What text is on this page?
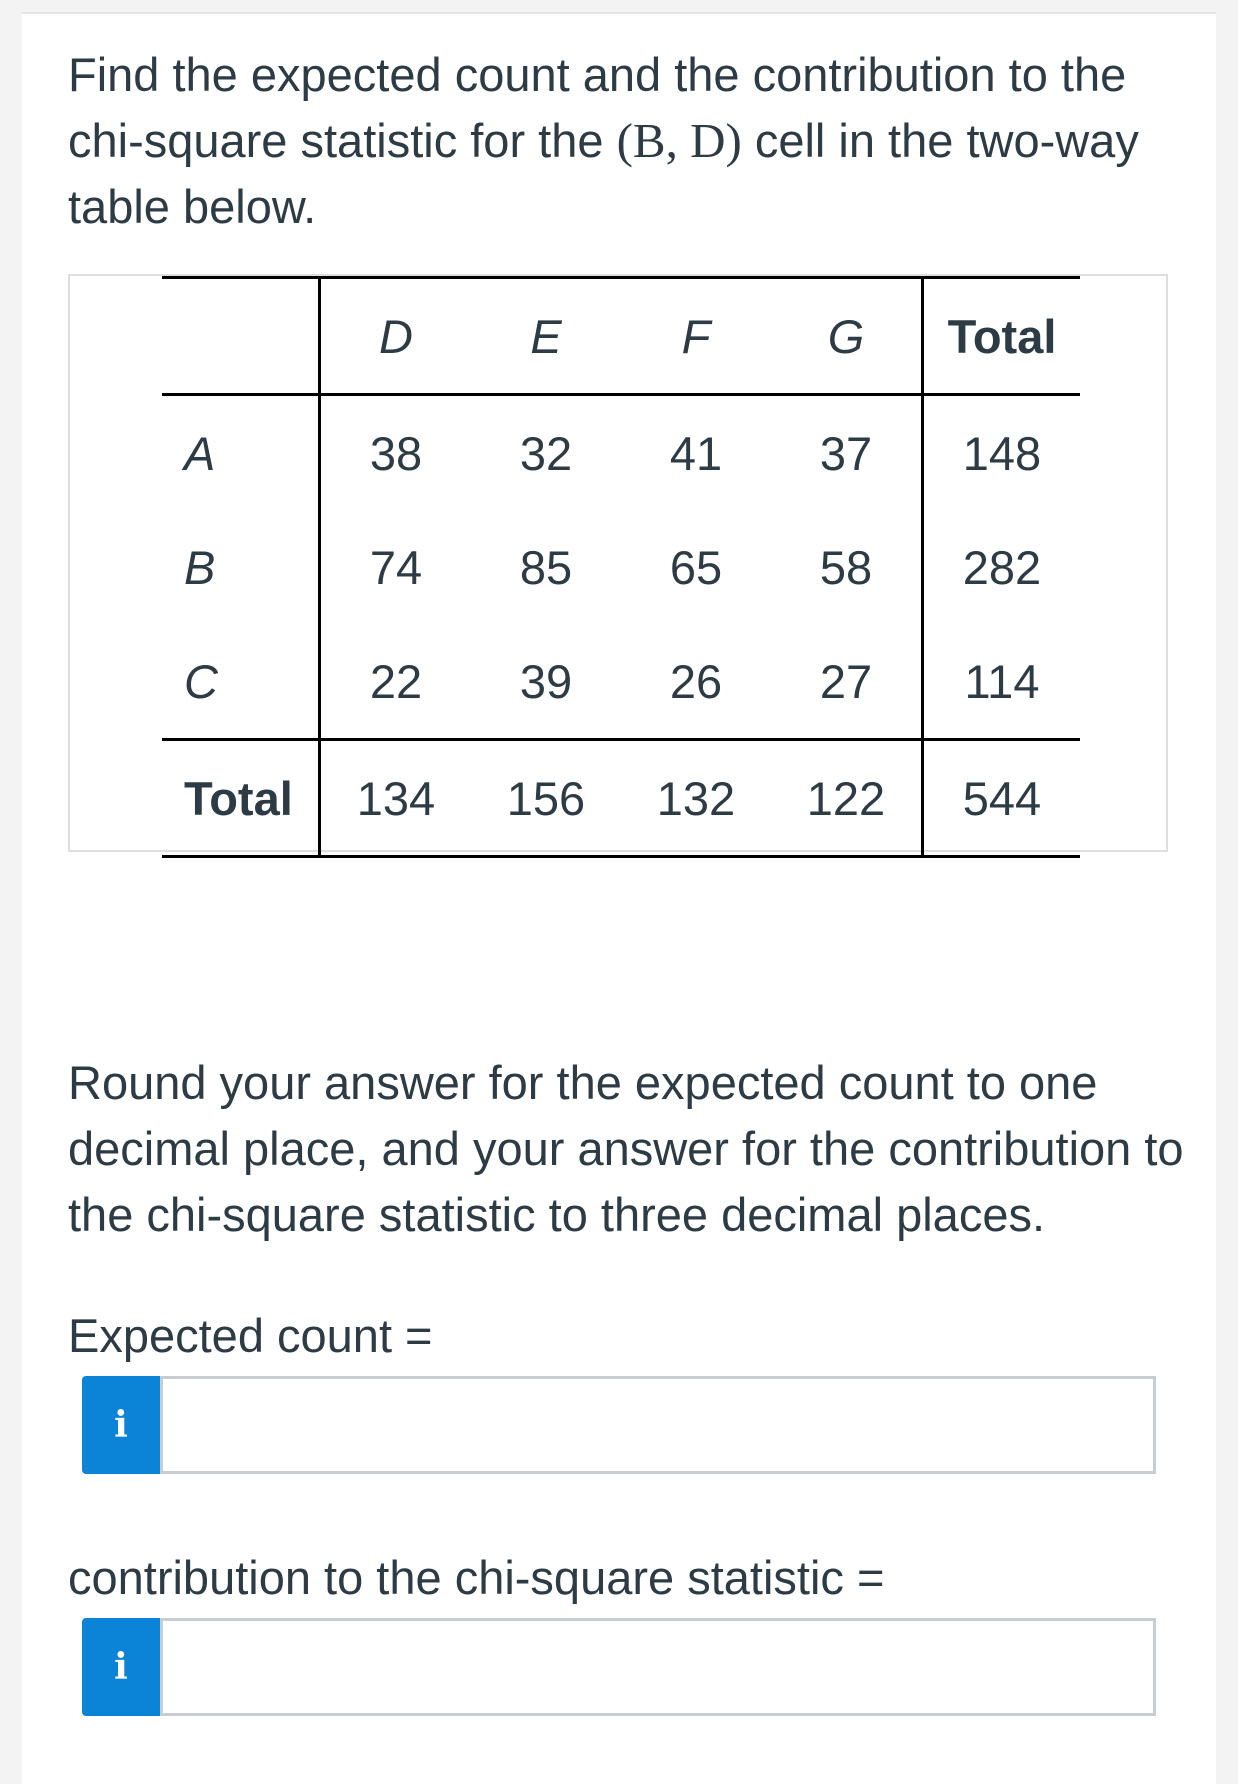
Find the expected count and the contribution to the chi-square statistic for the (B, D) cell in the two-way table below.

	D	E	F	G	Total
A	38	32	41	37	148
B	74	85	65	58	282
C	22	39	26	27	114
Total	134	156	132	122	544

Round your answer for the expected count to one decimal place, and your answer for the contribution to the chi-square statistic to three decimal places.

Expected count =

i

contribution to the chi-square statistic =

i
